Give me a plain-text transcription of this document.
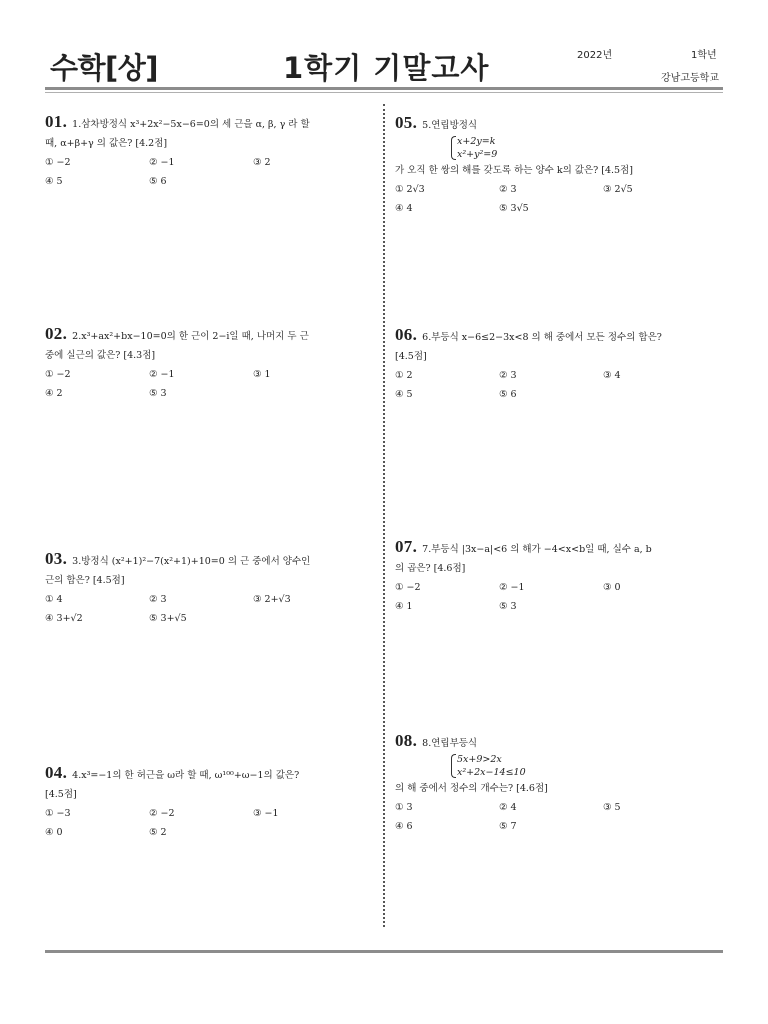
수학[상]	1학기 기말고사	2022년	1학년
강남고등학교
01. 1.삼차방정식 x³+2x²−5x−6=0의 세 근을 α, β, γ 라 할
때, α+β+γ 의 값은? [4.2점]
① −2	② −1	③ 2
④ 5	⑤ 6
02. 2.x³+ax²+bx−10=0의 한 근이 2−i일 때, 나머지 두 근
중에 실근의 값은? [4.3점]
① −2	② −1	③ 1
④ 2	⑤ 3
03. 3.방정식 (x²+1)²−7(x²+1)+10=0 의 근 중에서 양수인
근의 합은? [4.5점]
① 4	② 3	③ 2+√3
④ 3+√2	⑤ 3+√5
04. 4.x³=−1의 한 허근을 ω라 할 때, ω¹⁰⁰+ω−1의 값은?
[4.5점]
① −3	② −2	③ −1
④ 0	⑤ 2
05. 5.연립방정식
x+2y=k
x²+y²=9
가 오직 한 쌍의 해를 갖도록 하는 양수 k의 값은? [4.5점]
① 2√3	② 3	③ 2√5
④ 4	⑤ 3√5
06. 6.부등식 x−6≤2−3x<8 의 해 중에서 모든 정수의 합은?
[4.5점]
① 2	② 3	③ 4
④ 5	⑤ 6
07. 7.부등식 |3x−a|<6 의 해가 −4<x<b일 때, 실수 a, b
의 곱은? [4.6점]
① −2	② −1	③ 0
④ 1	⑤ 3
08. 8.연립부등식
5x+9>2x
x²+2x−14≤10
의 해 중에서 정수의 개수는? [4.6점]
① 3	② 4	③ 5
④ 6	⑤ 7
